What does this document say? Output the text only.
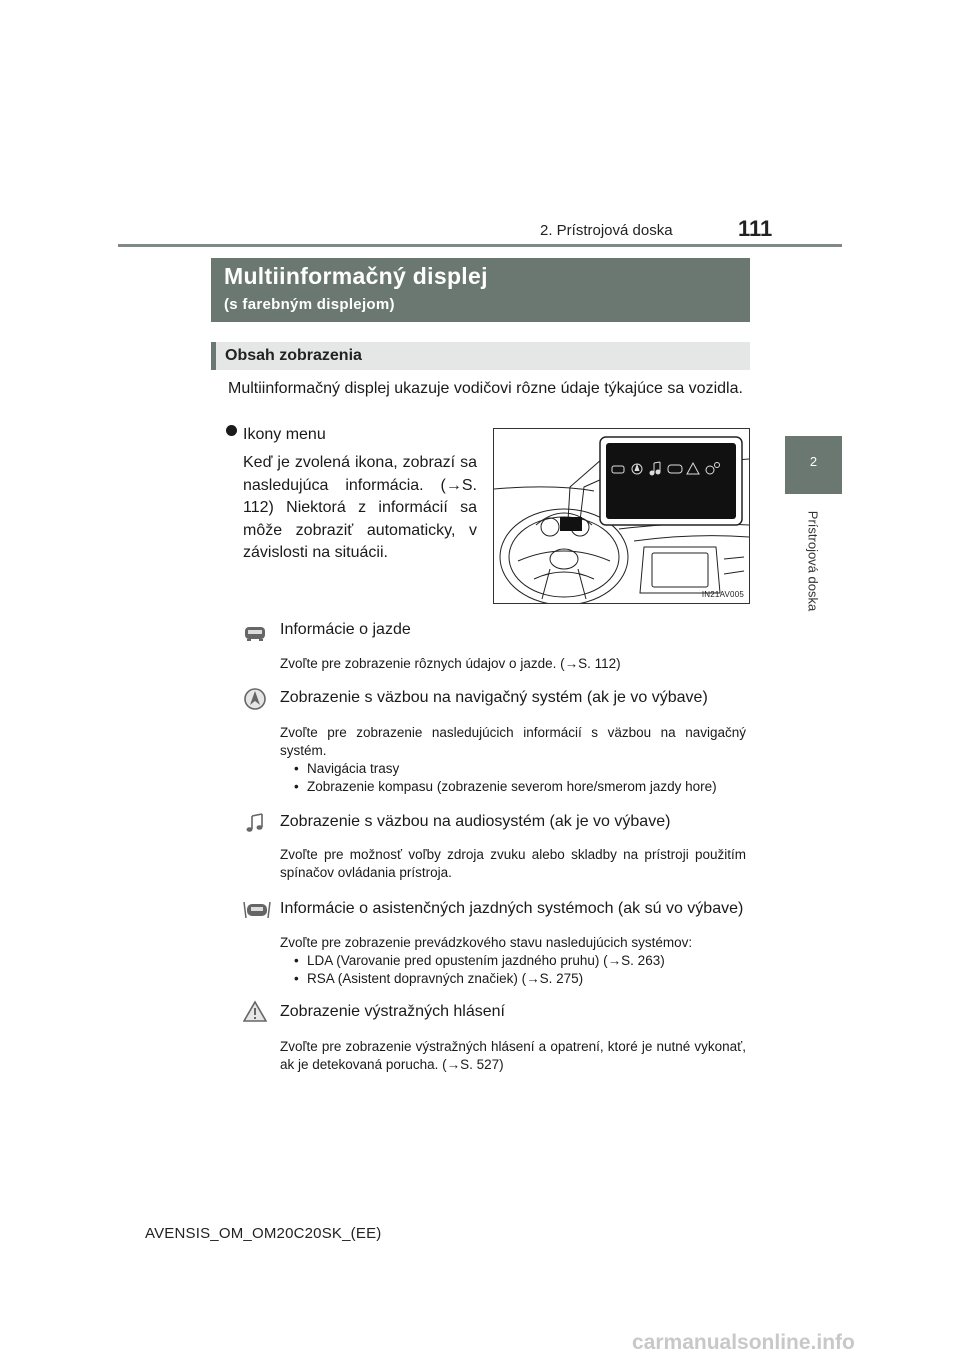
2. Prístrojová doska	111
2
Prístrojová doska
Multiinformačný displej
(s farebným displejom)
Obsah zobrazenia
Multiinformačný displej ukazuje vodičovi rôzne údaje týkajúce sa vozidla.
Ikony menu
Keď je zvolená ikona, zobrazí sa nasledujúca informácia. (→S. 112) Niektorá z informácií sa môže zobraziť automaticky, v závislosti na situácii.
IN21AV005
Informácie o jazde
Zvoľte pre zobrazenie rôznych údajov o jazde. (→S. 112)
Zobrazenie s väzbou na navigačný systém (ak je vo výbave)
Zvoľte pre zobrazenie nasledujúcich informácií s väzbou na navigačný systém.
• Navigácia trasy
• Zobrazenie kompasu (zobrazenie severom hore/smerom jazdy hore)
Zobrazenie s väzbou na audiosystém (ak je vo výbave)
Zvoľte pre možnosť voľby zdroja zvuku alebo skladby na prístroji použitím spínačov ovládania prístroja.
Informácie o asistenčných jazdných systémoch (ak sú vo výbave)
Zvoľte pre zobrazenie prevádzkového stavu nasledujúcich systémov:
• LDA (Varovanie pred opustením jazdného pruhu) (→S. 263)
• RSA (Asistent dopravných značiek) (→S. 275)
Zobrazenie výstražných hlásení
Zvoľte pre zobrazenie výstražných hlásení a opatrení, ktoré je nutné vykonať, ak je detekovaná porucha. (→S. 527)
AVENSIS_OM_OM20C20SK_(EE)
carmanualsonline.info
